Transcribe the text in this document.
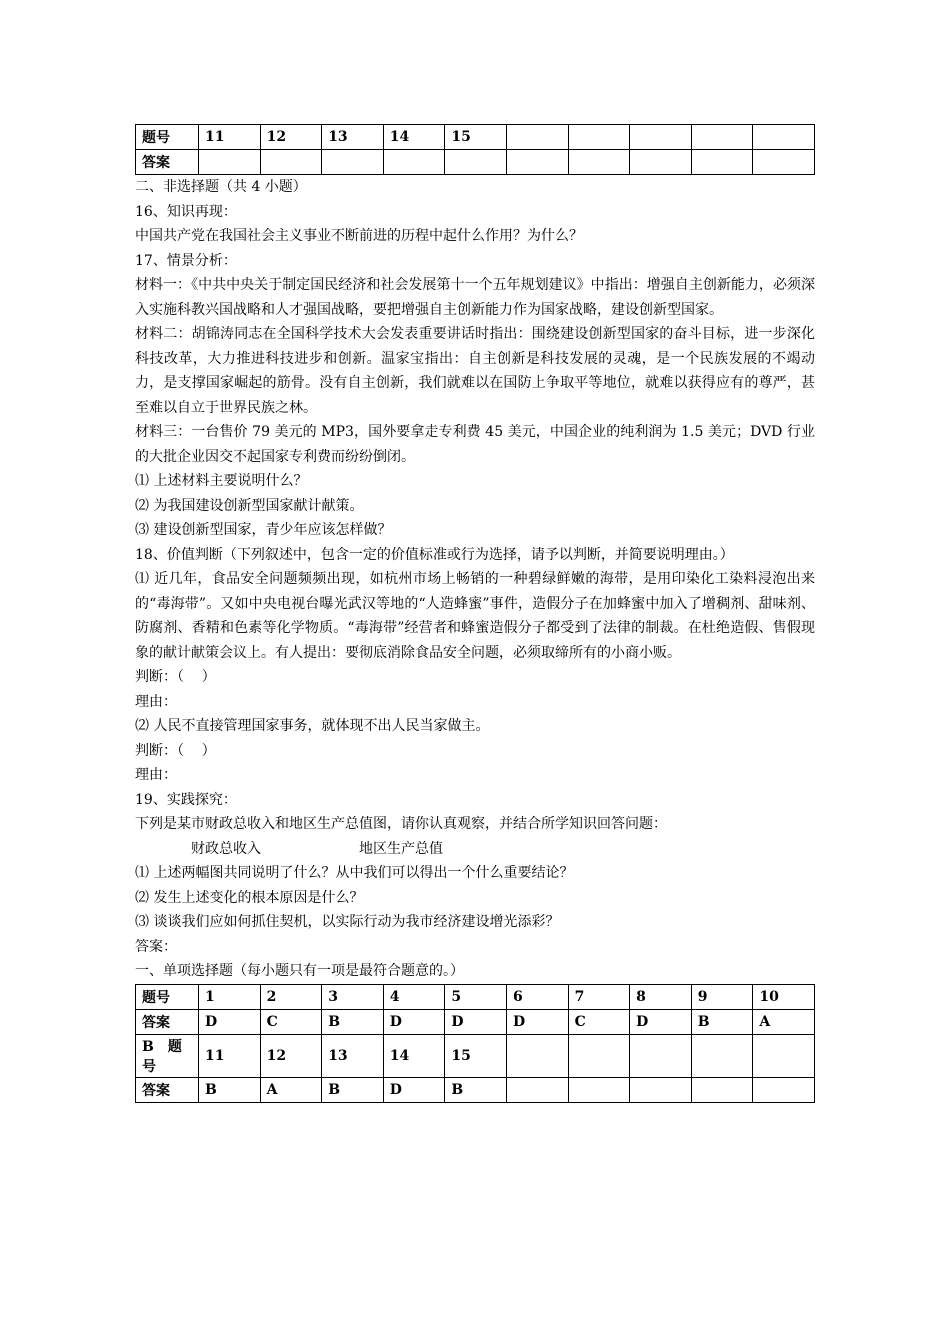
题号	11	12	13	14	15					
答案										

二、非选择题（共 4 小题）

16、知识再现：

中国共产党在我国社会主义事业不断前进的历程中起什么作用？为什么？

17、情景分析：

材料一：《中共中央关于制定国民经济和社会发展第十一个五年规划建议》中指出：增强自主创新能力，必须深入实施科教兴国战略和人才强国战略，要把增强自主创新能力作为国家战略，建设创新型国家。

材料二：胡锦涛同志在全国科学技术大会发表重要讲话时指出：围绕建设创新型国家的奋斗目标，进一步深化科技改革，大力推进科技进步和创新。温家宝指出：自主创新是科技发展的灵魂，是一个民族发展的不竭动力，是支撑国家崛起的筋骨。没有自主创新，我们就难以在国防上争取平等地位，就难以获得应有的尊严，甚至难以自立于世界民族之林。

材料三：一台售价 79 美元的 MP3，国外要拿走专利费 45 美元，中国企业的纯利润为 1.5 美元；DVD 行业的大批企业因交不起国家专利费而纷纷倒闭。

⑴ 上述材料主要说明什么？

⑵ 为我国建设创新型国家献计献策。

⑶ 建设创新型国家，青少年应该怎样做？

18、价值判断（下列叙述中，包含一定的价值标准或行为选择，请予以判断，并简要说明理由。）

⑴ 近几年，食品安全问题频频出现，如杭州市场上畅销的一种碧绿鲜嫩的海带，是用印染化工染料浸泡出来的“毒海带”。又如中央电视台曝光武汉等地的“人造蜂蜜”事件，造假分子在加蜂蜜中加入了增稠剂、甜味剂、防腐剂、香精和色素等化学物质。“毒海带”经营者和蜂蜜造假分子都受到了法律的制裁。在杜绝造假、售假现象的献计献策会议上。有人提出：要彻底消除食品安全问题，必须取缔所有的小商小贩。

判断：（    ）

理由：

⑵ 人民不直接管理国家事务，就体现不出人民当家做主。

判断：（    ）

理由：

19、实践探究：

下列是某市财政总收入和地区生产总值图，请你认真观察，并结合所学知识回答问题：

财政总收入	地区生产总值

⑴ 上述两幅图共同说明了什么？从中我们可以得出一个什么重要结论？

⑵ 发生上述变化的根本原因是什么？

⑶ 谈谈我们应如何抓住契机，以实际行动为我市经济建设增光添彩？

答案：

一、单项选择题（每小题只有一项是最符合题意的。）

题号	1	2	3	4	5	6	7	8	9	10
答案	D	C	B	D	D	D	C	D	B	A
B　题号	11	12	13	14	15					
答案	B	A	B	D	B					
